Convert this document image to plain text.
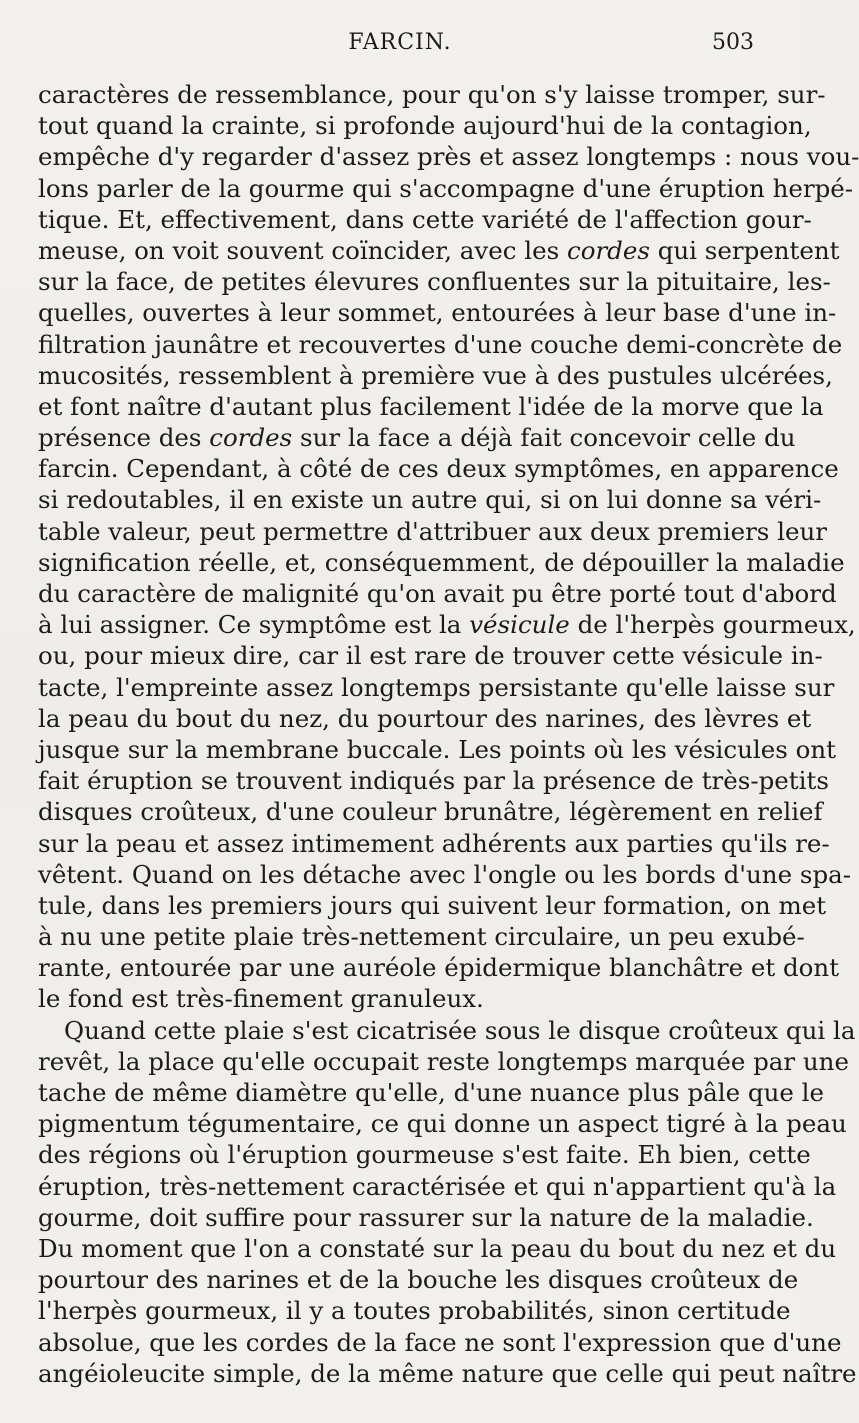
FARCIN.	503
caractères de ressemblance, pour qu'on s'y laisse tromper, sur-
tout quand la crainte, si profonde aujourd'hui de la contagion,
empêche d'y regarder d'assez près et assez longtemps : nous vou-
lons parler de la gourme qui s'accompagne d'une éruption herpé-
tique. Et, effectivement, dans cette variété de l'affection gour-
meuse, on voit souvent coïncider, avec les cordes qui serpentent
sur la face, de petites élevures confluentes sur la pituitaire, les-
quelles, ouvertes à leur sommet, entourées à leur base d'une in-
filtration jaunâtre et recouvertes d'une couche demi-concrète de
mucosités, ressemblent à première vue à des pustules ulcérées,
et font naître d'autant plus facilement l'idée de la morve que la
présence des cordes sur la face a déjà fait concevoir celle du
farcin. Cependant, à côté de ces deux symptômes, en apparence
si redoutables, il en existe un autre qui, si on lui donne sa véri-
table valeur, peut permettre d'attribuer aux deux premiers leur
signification réelle, et, conséquemment, de dépouiller la maladie
du caractère de malignité qu'on avait pu être porté tout d'abord
à lui assigner. Ce symptôme est la vésicule de l'herpès gourmeux,
ou, pour mieux dire, car il est rare de trouver cette vésicule in-
tacte, l'empreinte assez longtemps persistante qu'elle laisse sur
la peau du bout du nez, du pourtour des narines, des lèvres et
jusque sur la membrane buccale. Les points où les vésicules ont
fait éruption se trouvent indiqués par la présence de très-petits
disques croûteux, d'une couleur brunâtre, légèrement en relief
sur la peau et assez intimement adhérents aux parties qu'ils re-
vêtent. Quand on les détache avec l'ongle ou les bords d'une spa-
tule, dans les premiers jours qui suivent leur formation, on met
à nu une petite plaie très-nettement circulaire, un peu exubé-
rante, entourée par une auréole épidermique blanchâtre et dont
le fond est très-finement granuleux.
Quand cette plaie s'est cicatrisée sous le disque croûteux qui la
revêt, la place qu'elle occupait reste longtemps marquée par une
tache de même diamètre qu'elle, d'une nuance plus pâle que le
pigmentum tégumentaire, ce qui donne un aspect tigré à la peau
des régions où l'éruption gourmeuse s'est faite. Eh bien, cette
éruption, très-nettement caractérisée et qui n'appartient qu'à la
gourme, doit suffire pour rassurer sur la nature de la maladie.
Du moment que l'on a constaté sur la peau du bout du nez et du
pourtour des narines et de la bouche les disques croûteux de
l'herpès gourmeux, il y a toutes probabilités, sinon certitude
absolue, que les cordes de la face ne sont l'expression que d'une
angéioleucite simple, de la même nature que celle qui peut naître
